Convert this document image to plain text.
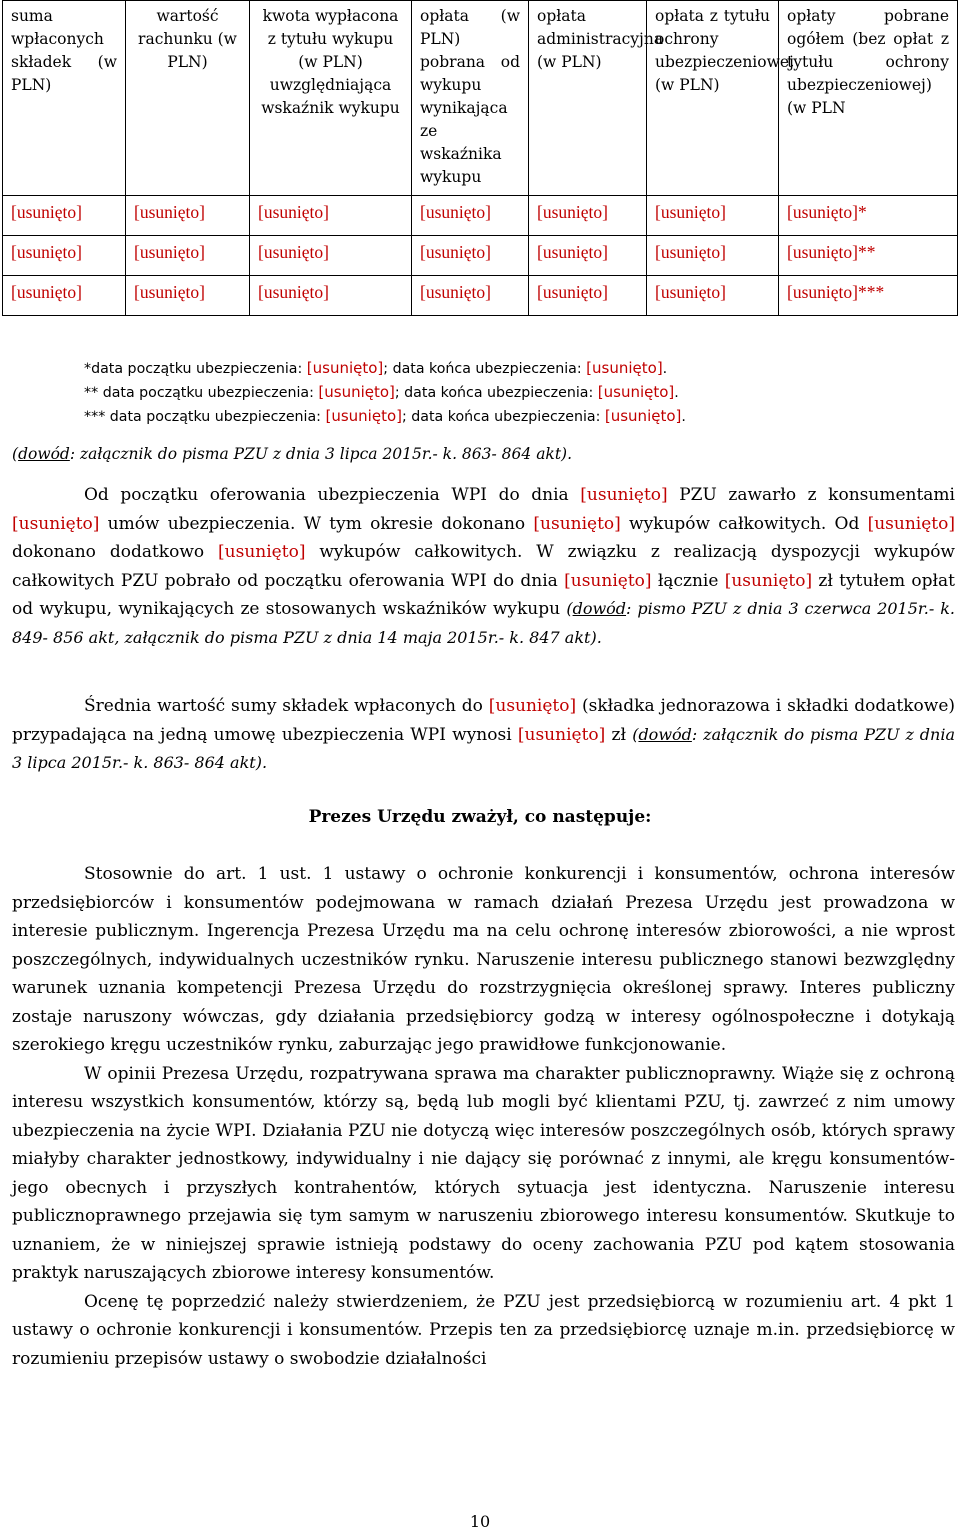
suma wpłaconych składek (w PLN)	wartość rachunku (w PLN)	kwota wypłacona z tytułu wykupu (w PLN) uwzględniająca wskaźnik wykupu	opłata (w PLN) pobrana od wykupu wynikająca ze wskaźnika wykupu	opłata administracyjna (w PLN)	opłata z tytułu ochrony ubezpieczeniowej (w PLN)	opłaty pobrane ogółem (bez opłat z tytułu ochrony ubezpieczeniowej) (w PLN
[usunięto]	[usunięto]	[usunięto]	[usunięto]	[usunięto]	[usunięto]	[usunięto]*
[usunięto]	[usunięto]	[usunięto]	[usunięto]	[usunięto]	[usunięto]	[usunięto]**
[usunięto]	[usunięto]	[usunięto]	[usunięto]	[usunięto]	[usunięto]	[usunięto]***
*data początku ubezpieczenia: [usunięto]; data końca ubezpieczenia: [usunięto].
** data początku ubezpieczenia: [usunięto]; data końca ubezpieczenia: [usunięto].
*** data początku ubezpieczenia: [usunięto]; data końca ubezpieczenia: [usunięto].
(dowód: załącznik do pisma PZU z dnia 3 lipca 2015r.- k. 863- 864 akt).

Od początku oferowania ubezpieczenia WPI do dnia [usunięto] PZU zawarło z konsumentami [usunięto] umów ubezpieczenia. W tym okresie dokonano [usunięto] wykupów całkowitych. Od [usunięto] dokonano dodatkowo [usunięto] wykupów całkowitych. W związku z realizacją dyspozycji wykupów całkowitych PZU pobrało od początku oferowania WPI do dnia [usunięto] łącznie [usunięto] zł tytułem opłat od wykupu, wynikających ze stosowanych wskaźników wykupu (dowód: pismo PZU z dnia 3 czerwca 2015r.- k. 849- 856 akt, załącznik do pisma PZU z dnia 14 maja 2015r.- k. 847 akt).

Średnia wartość sumy składek wpłaconych do [usunięto] (składka jednorazowa i składki dodatkowe) przypadająca na jedną umowę ubezpieczenia WPI wynosi [usunięto] zł (dowód: załącznik do pisma PZU z dnia 3 lipca 2015r.- k. 863- 864 akt).

Prezes Urzędu zważył, co następuje:

Stosownie do art. 1 ust. 1 ustawy o ochronie konkurencji i konsumentów, ochrona interesów przedsiębiorców i konsumentów podejmowana w ramach działań Prezesa Urzędu jest prowadzona w interesie publicznym. Ingerencja Prezesa Urzędu ma na celu ochronę interesów zbiorowości, a nie wprost poszczególnych, indywidualnych uczestników rynku. Naruszenie interesu publicznego stanowi bezwzględny warunek uznania kompetencji Prezesa Urzędu do rozstrzygnięcia określonej sprawy. Interes publiczny zostaje naruszony wówczas, gdy działania przedsiębiorcy godzą w interesy ogólnospołeczne i dotykają szerokiego kręgu uczestników rynku, zaburzając jego prawidłowe funkcjonowanie.

W opinii Prezesa Urzędu, rozpatrywana sprawa ma charakter publicznoprawny. Wiąże się z ochroną interesu wszystkich konsumentów, którzy są, będą lub mogli być klientami PZU, tj. zawrzeć z nim umowy ubezpieczenia na życie WPI. Działania PZU nie dotyczą więc interesów poszczególnych osób, których sprawy miałyby charakter jednostkowy, indywidualny i nie dający się porównać z innymi, ale kręgu konsumentów-jego obecnych i przyszłych kontrahentów, których sytuacja jest identyczna. Naruszenie interesu publicznoprawnego przejawia się tym samym w naruszeniu zbiorowego interesu konsumentów. Skutkuje to uznaniem, że w niniejszej sprawie istnieją podstawy do oceny zachowania PZU pod kątem stosowania praktyk naruszających zbiorowe interesy konsumentów.

Ocenę tę poprzedzić należy stwierdzeniem, że PZU jest przedsiębiorcą w rozumieniu art. 4 pkt 1 ustawy o ochronie konkurencji i konsumentów. Przepis ten za przedsiębiorcę uznaje m.in. przedsiębiorcę w rozumieniu przepisów ustawy o swobodzie działalności

10
